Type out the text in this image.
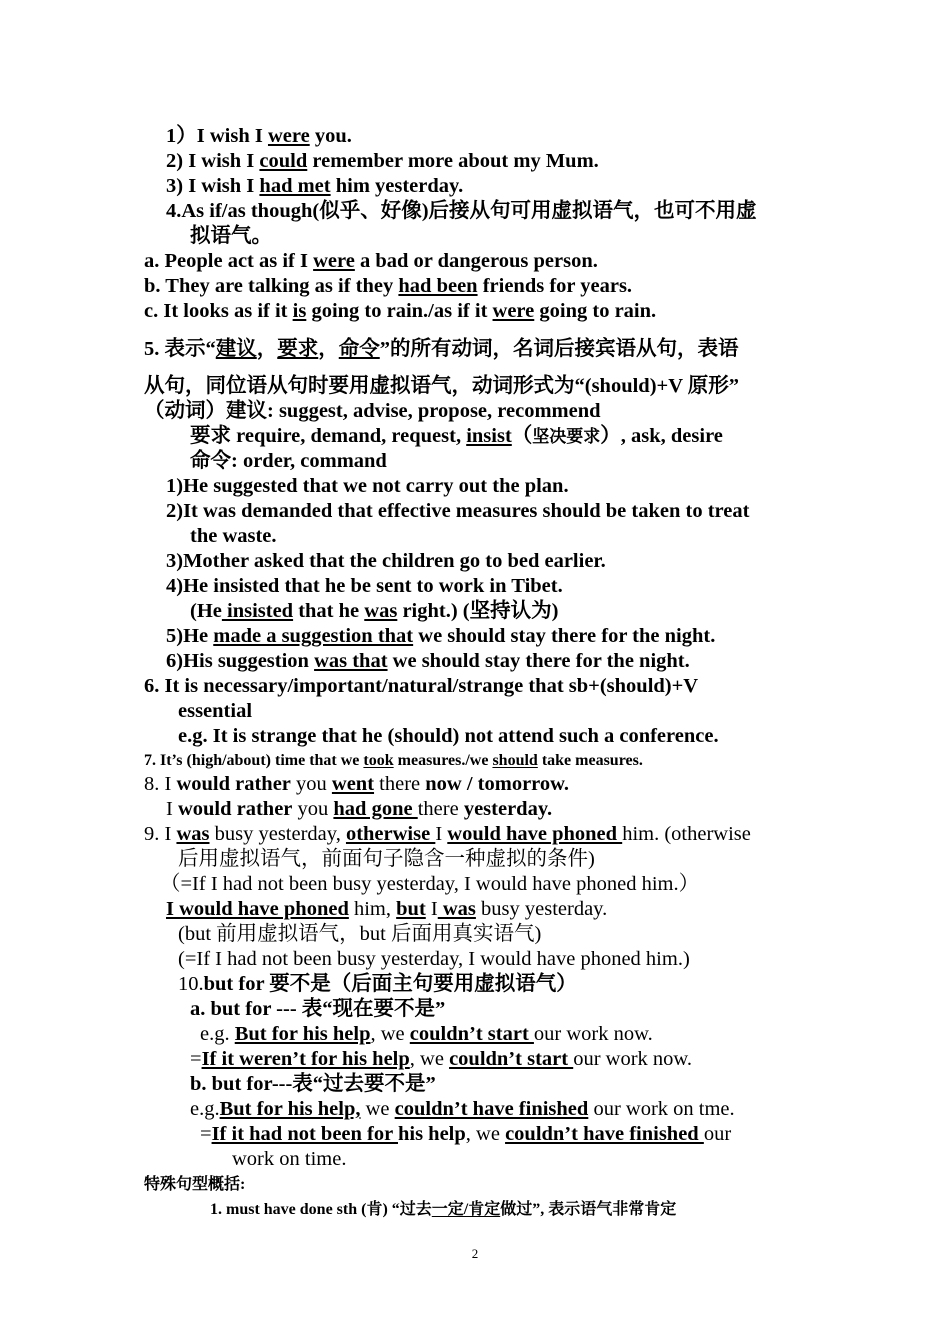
1）I wish I were you.
2) I wish I could remember more about my Mum.
3) I wish I had met him yesterday.
4.As if/as though(似乎、好像)后接从句可用虚拟语气，也可不用虚
拟语气。
a. People act as if I were a bad or dangerous person.
b. They are talking as if they had been friends for years.
c. It looks as if it is going to rain./as if it were going to rain.
5. 表示“建议，要求，命令”的所有动词，名词后接宾语从句，表语
从句，同位语从句时要用虚拟语气，动词形式为“(should)+V 原形”
（动词）建议: suggest, advise, propose, recommend
要求 require, demand, request, insist（坚决要求）, ask, desire
命令: order, command
1)He suggested that we not carry out the plan.
2)It was demanded that effective measures should be taken to treat
the waste.
3)Mother asked that the children go to bed earlier.
4)He insisted that he be sent to work in Tibet.
(He insisted that he was right.) (坚持认为)
5)He made a suggestion that we should stay there for the night.
6)His suggestion was that we should stay there for the night.
6. It is necessary/important/natural/strange that sb+(should)+V
essential
e.g. It is strange that he (should) not attend such a conference.
7. It’s (high/about) time that we took measures./we should take measures.
8. I would rather you went there now / tomorrow.
I would rather you had gone there yesterday.
9. I was busy yesterday, otherwise I would have phoned him. (otherwise
后用虚拟语气，前面句子隐含一种虚拟的条件)
（=If I had not been busy yesterday, I would have phoned him.）
I would have phoned him, but I was busy yesterday.
(but 前用虚拟语气，but 后面用真实语气)
(=If I had not been busy yesterday, I would have phoned him.)
10.but for 要不是（后面主句要用虚拟语气）
a. but for --- 表“现在要不是”
e.g. But for his help, we couldn’t start our work now.
=If it weren’t for his help, we couldn’t start our work now.
b. but for---表“过去要不是”
e.g.But for his help, we couldn’t have finished our work on tme.
=If it had not been for his help, we couldn’t have finished our
work on time.
特殊句型概括:
1. must have done sth (肯) “过去一定/肯定做过”, 表示语气非常肯定
2
